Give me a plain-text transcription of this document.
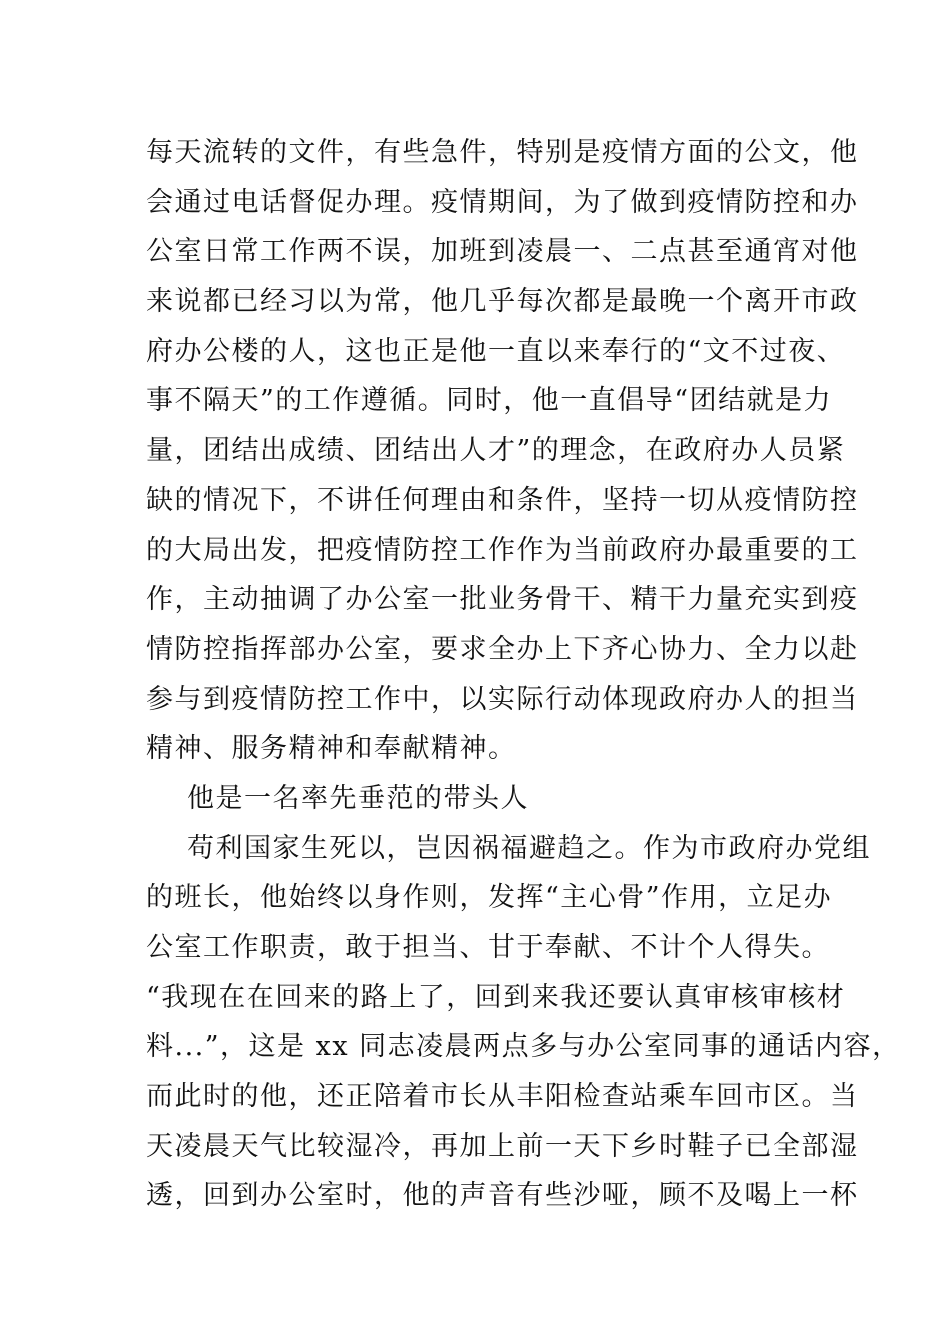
每天流转的文件，有些急件，特别是疫情方面的公文，他
会通过电话督促办理。疫情期间，为了做到疫情防控和办
公室日常工作两不误，加班到凌晨一、二点甚至通宵对他
来说都已经习以为常，他几乎每次都是最晚一个离开市政
府办公楼的人，这也正是他一直以来奉行的“文不过夜、
事不隔天”的工作遵循。同时，他一直倡导“团结就是力
量，团结出成绩、团结出人才”的理念，在政府办人员紧
缺的情况下，不讲任何理由和条件，坚持一切从疫情防控
的大局出发，把疫情防控工作作为当前政府办最重要的工
作，主动抽调了办公室一批业务骨干、精干力量充实到疫
情防控指挥部办公室，要求全办上下齐心协力、全力以赴
参与到疫情防控工作中，以实际行动体现政府办人的担当
精神、服务精神和奉献精神。
他是一名率先垂范的带头人
苟利国家生死以，岂因祸福避趋之。作为市政府办党组
的班长，他始终以身作则，发挥“主心骨”作用，立足办
公室工作职责，敢于担当、甘于奉献、不计个人得失。
“我现在在回来的路上了，回到来我还要认真审核审核材
料...”，这是 xx 同志凌晨两点多与办公室同事的通话内容，
而此时的他，还正陪着市长从丰阳检查站乘车回市区。当
天凌晨天气比较湿冷，再加上前一天下乡时鞋子已全部湿
透，回到办公室时，他的声音有些沙哑，顾不及喝上一杯
